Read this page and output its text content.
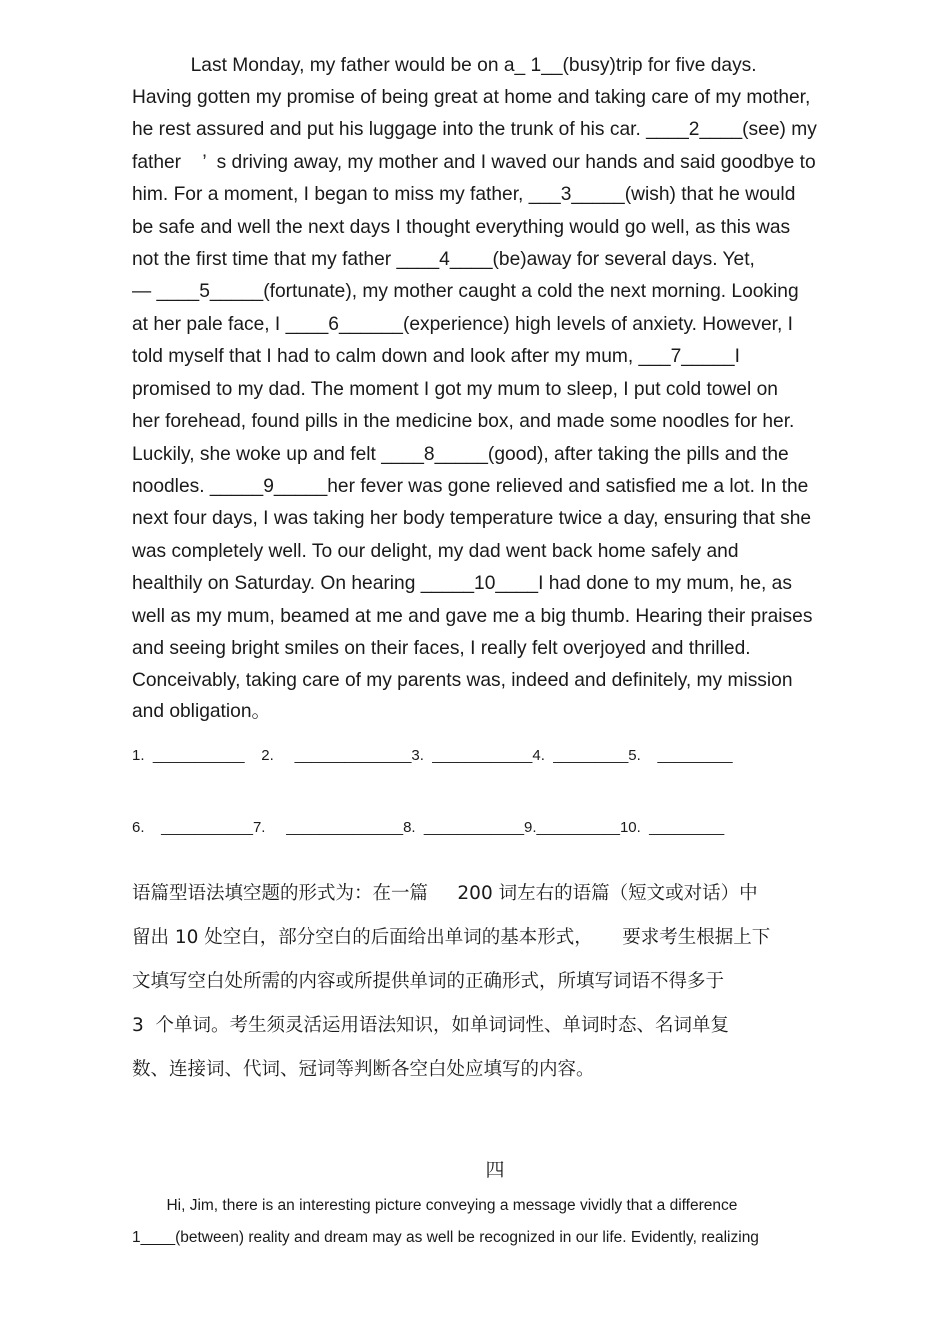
Last Monday, my father would be on a_ 1__(busy)trip for five days.
Having gotten my promise of being great at home and taking care of my mother,
he rest assured and put his luggage into the trunk of his car. ____2____(see) my
father    ’  s driving away, my mother and I waved our hands and said goodbye to
him. For a moment, I began to miss my father, ___3_____(wish) that he would
be safe and well the next days I thought everything would go well, as this was
not the first time that my father ____4____(be)away for several days. Yet,
— ____5_____(fortunate), my mother caught a cold the next morning. Looking
at her pale face, I ____6______(experience) high levels of anxiety. However, I
told myself that I had to calm down and look after my mum, ___7_____I
promised to my dad. The moment I got my mum to sleep, I put cold towel on
her forehead, found pills in the medicine box, and made some noodles for her.
Luckily, she woke up and felt ____8_____(good), after taking the pills and the
noodles. _____9_____her fever was gone relieved and satisfied me a lot. In the
next four days, I was taking her body temperature twice a day, ensuring that she
was completely well. To our delight, my dad went back home safely and
healthily on Saturday. On hearing _____10____I had done to my mum, he, as
well as my mum, beamed at me and gave me a big thumb. Hearing their praises
and seeing bright smiles on their faces, I really felt overjoyed and thrilled.
Conceivably, taking care of my parents was, indeed and definitely, my mission
and obligation。
1.  ___________    2.     ______________3.  ____________4.  _________5.    _________
6.    ___________7.     ______________8.  ____________9.__________10.  _________
语篇型语法填空题的形式为：在一篇     200 词左右的语篇（短文或对话）中
留出 10 处空白，部分空白的后面给出单词的基本形式，     要求考生根据上下
文填写空白处所需的内容或所提供单词的正确形式，所填写词语不得多于
3  个单词。考生须灵活运用语法知识，如单词词性、单词时态、名词单复
数、连接词、代词、冠词等判断各空白处应填写的内容。
四
Hi, Jim, there is an interesting picture conveying a message vividly that a difference
1____(between) reality and dream may as well be recognized in our life. Evidently, realizing
